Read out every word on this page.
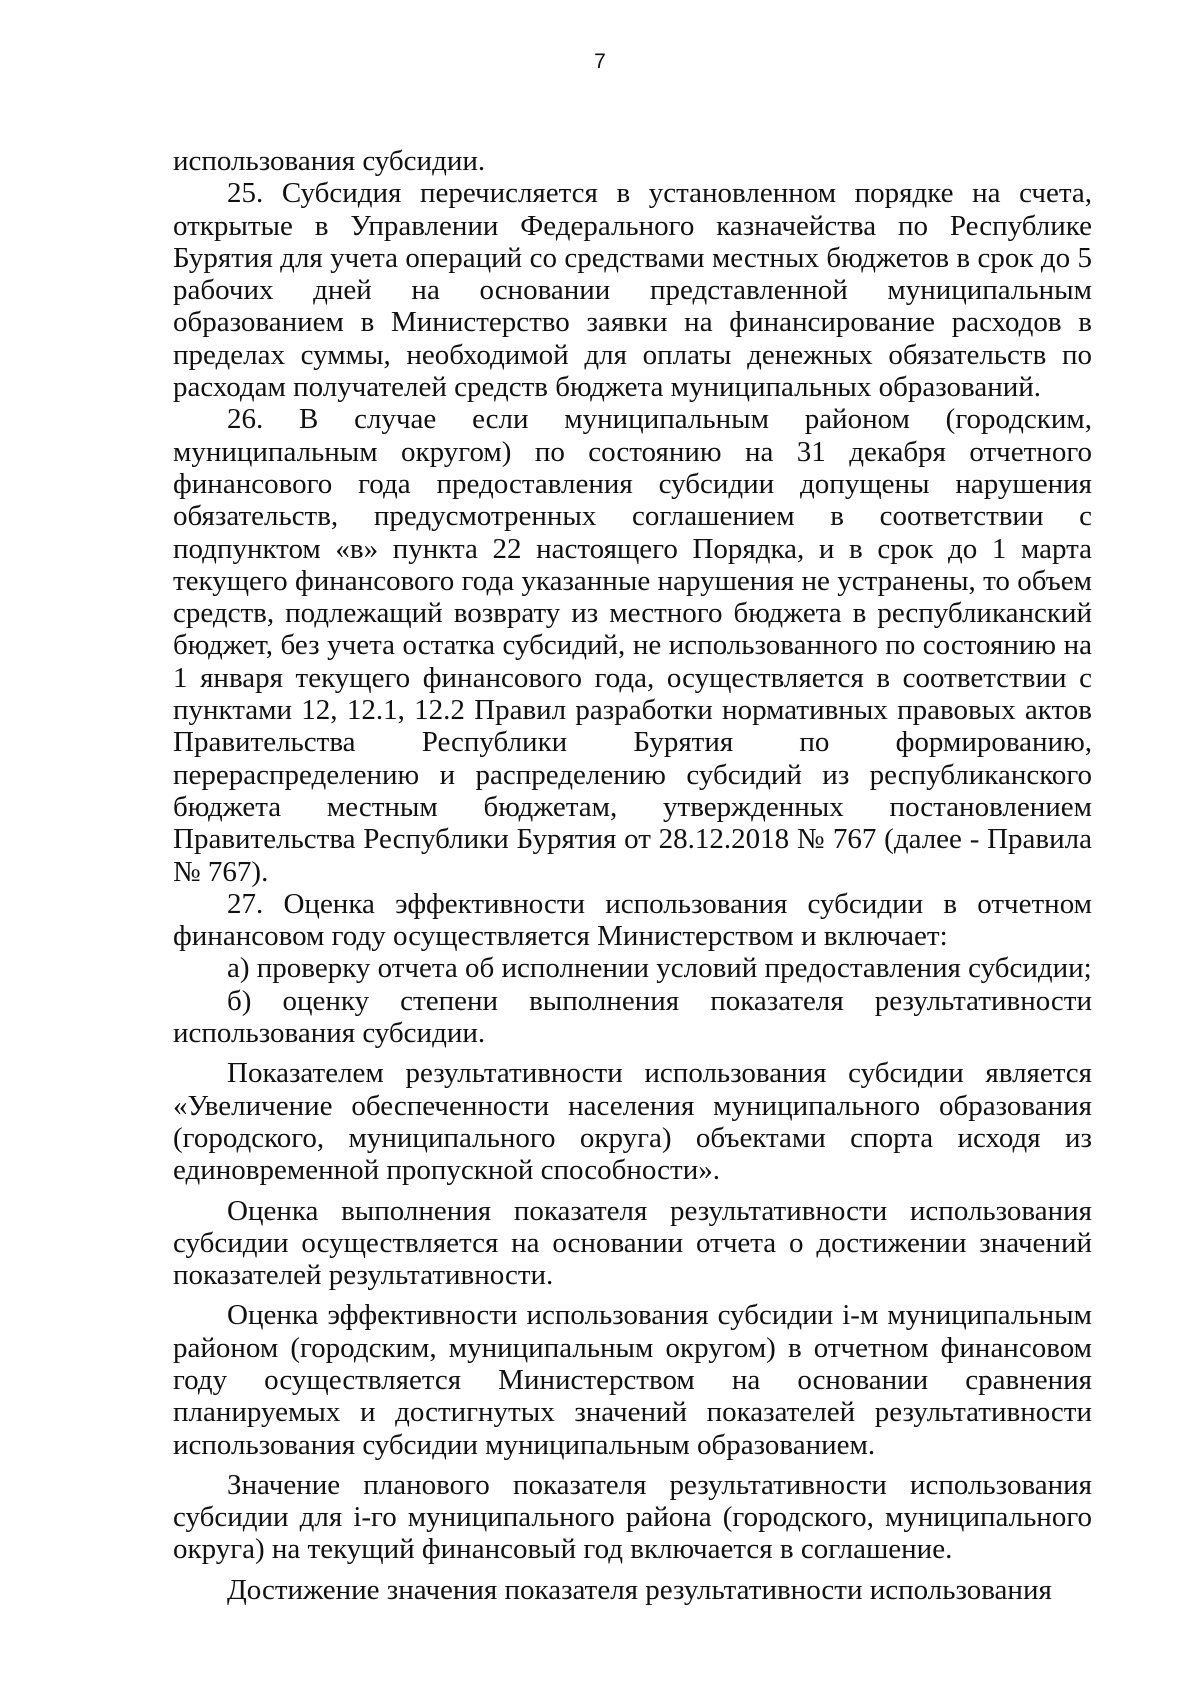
7

использования субсидии.

25. Субсидия перечисляется в установленном порядке на счета, открытые в Управлении Федерального казначейства по Республике Бурятия для учета операций со средствами местных бюджетов в срок до 5 рабочих дней на основании представленной муниципальным образованием в Министерство заявки на финансирование расходов в пределах суммы, необходимой для оплаты денежных обязательств по расходам получателей средств бюджета муниципальных образований.

26. В случае если муниципальным районом (городским, муниципальным округом) по состоянию на 31 декабря отчетного финансового года предоставления субсидии допущены нарушения обязательств, предусмотренных соглашением в соответствии с подпунктом «в» пункта 22 настоящего Порядка, и в срок до 1 марта текущего финансового года указанные нарушения не устранены, то объем средств, подлежащий возврату из местного бюджета в республиканский бюджет, без учета остатка субсидий, не использованного по состоянию на 1 января текущего финансового года, осуществляется в соответствии с пунктами 12, 12.1, 12.2 Правил разработки нормативных правовых актов Правительства Республики Бурятия по формированию, перераспределению и распределению субсидий из республиканского бюджета местным бюджетам, утвержденных постановлением Правительства Республики Бурятия от 28.12.2018 № 767 (далее - Правила № 767).

27. Оценка эффективности использования субсидии в отчетном финансовом году осуществляется Министерством и включает:

а) проверку отчета об исполнении условий предоставления субсидии;

б) оценку степени выполнения показателя результативности использования субсидии.

Показателем результативности использования субсидии является «Увеличение обеспеченности населения муниципального образования (городского, муниципального округа) объектами спорта исходя из единовременной пропускной способности».

Оценка выполнения показателя результативности использования субсидии осуществляется на основании отчета о достижении значений показателей результативности.

Оценка эффективности использования субсидии i-м муниципальным районом (городским, муниципальным округом) в отчетном финансовом году осуществляется Министерством на основании сравнения планируемых и достигнутых значений показателей результативности использования субсидии муниципальным образованием.

Значение планового показателя результативности использования субсидии для i-го муниципального района (городского, муниципального округа) на текущий финансовый год включается в соглашение.

Достижение значения показателя результативности использования
